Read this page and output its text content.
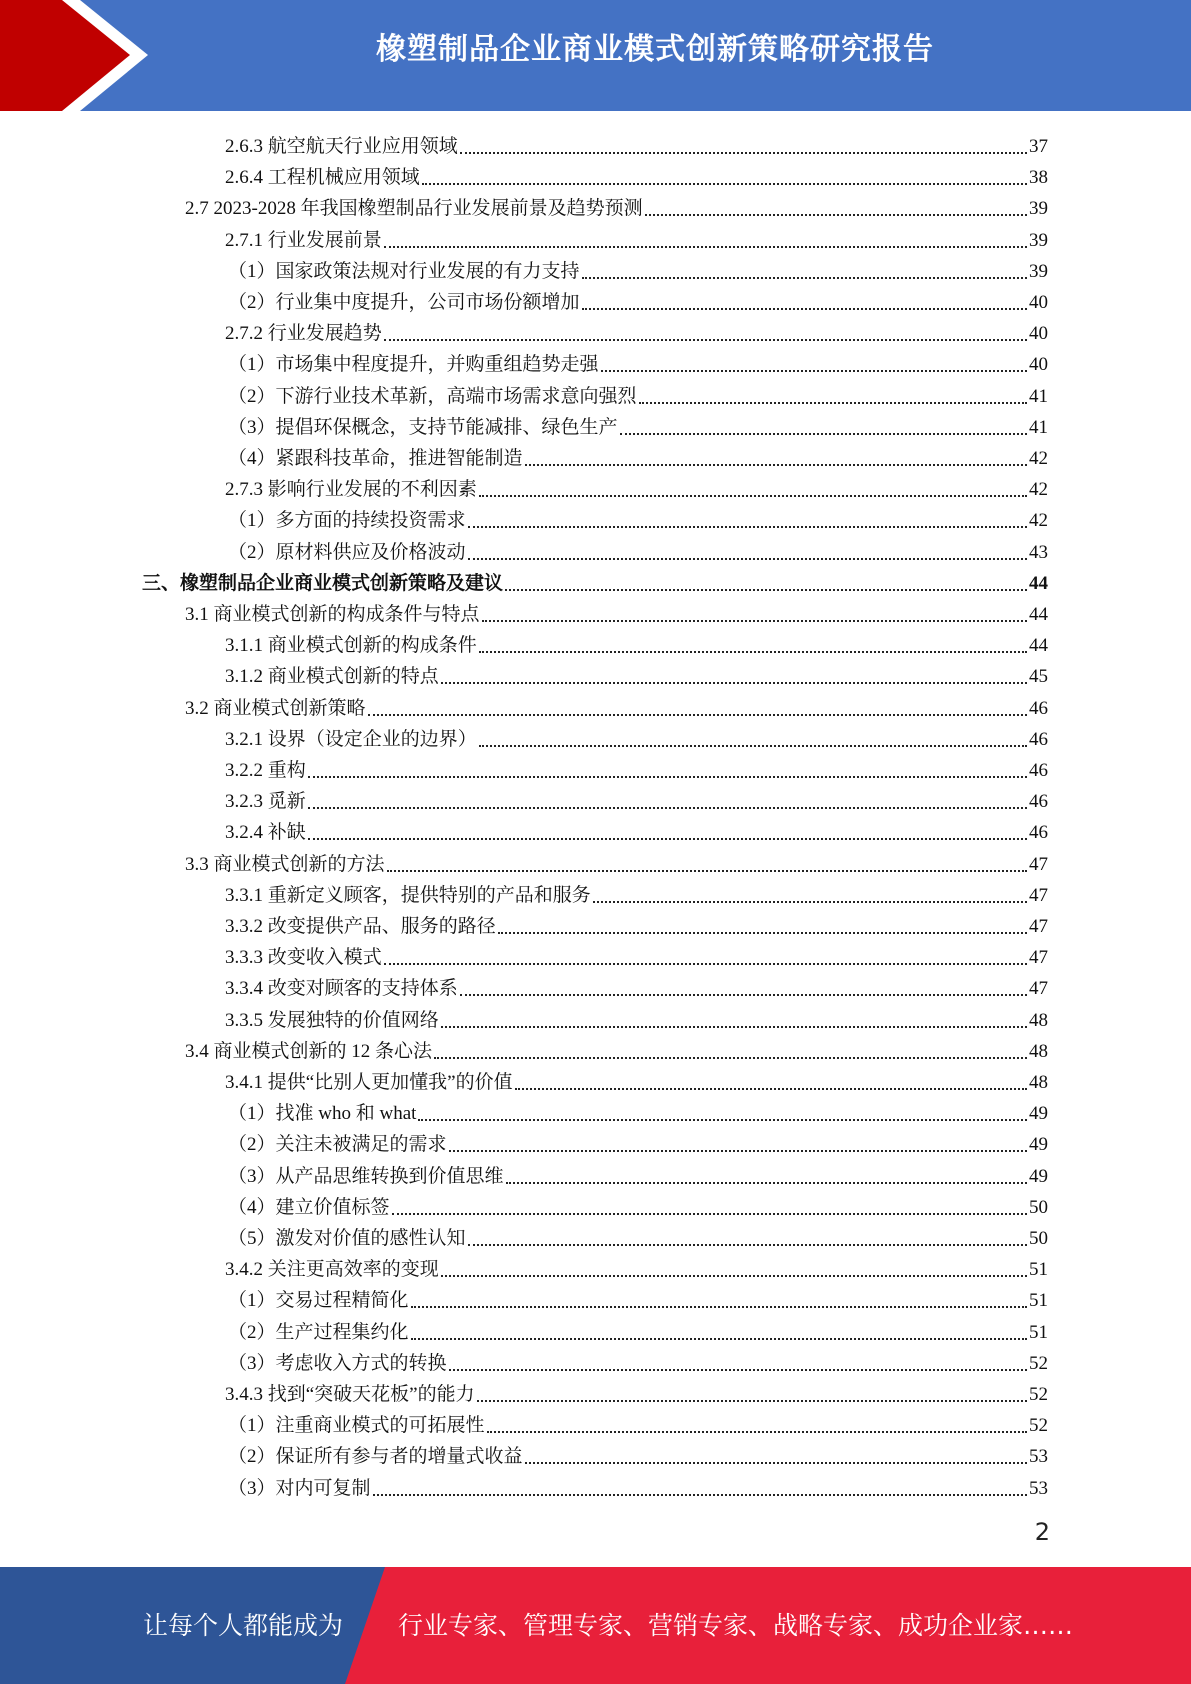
橡塑制品企业商业模式创新策略研究报告
2.6.3 航空航天行业应用领域	37
2.6.4 工程机械应用领域	38
2.7 2023-2028 年我国橡塑制品行业发展前景及趋势预测	39
2.7.1 行业发展前景	39
（1）国家政策法规对行业发展的有力支持	39
（2）行业集中度提升，公司市场份额增加	40
2.7.2 行业发展趋势	40
（1）市场集中程度提升，并购重组趋势走强	40
（2）下游行业技术革新，高端市场需求意向强烈	41
（3）提倡环保概念，支持节能减排、绿色生产	41
（4）紧跟科技革命，推进智能制造	42
2.7.3 影响行业发展的不利因素	42
（1）多方面的持续投资需求	42
（2）原材料供应及价格波动	43
三、橡塑制品企业商业模式创新策略及建议	44
3.1 商业模式创新的构成条件与特点	44
3.1.1 商业模式创新的构成条件	44
3.1.2 商业模式创新的特点	45
3.2 商业模式创新策略	46
3.2.1 设界（设定企业的边界）	46
3.2.2 重构	46
3.2.3 觅新	46
3.2.4 补缺	46
3.3 商业模式创新的方法	47
3.3.1 重新定义顾客，提供特别的产品和服务	47
3.3.2 改变提供产品、服务的路径	47
3.3.3 改变收入模式	47
3.3.4 改变对顾客的支持体系	47
3.3.5 发展独特的价值网络	48
3.4 商业模式创新的 12 条心法	48
3.4.1 提供“比别人更加懂我”的价值	48
（1）找准 who 和 what	49
（2）关注未被满足的需求	49
（3）从产品思维转换到价值思维	49
（4）建立价值标签	50
（5）激发对价值的感性认知	50
3.4.2 关注更高效率的变现	51
（1）交易过程精简化	51
（2）生产过程集约化	51
（3）考虑收入方式的转换	52
3.4.3 找到“突破天花板”的能力	52
（1）注重商业模式的可拓展性	52
（2）保证所有参与者的增量式收益	53
（3）对内可复制	53
2
让每个人都能成为 行业专家、管理专家、营销专家、战略专家、成功企业家……
